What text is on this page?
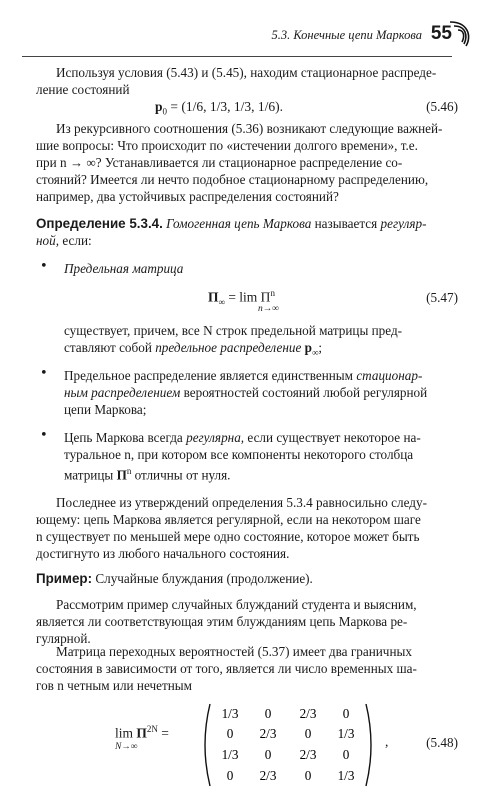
5.3. Конечные цепи Маркова 55
Используя условия (5.43) и (5.45), находим стационарное распреде-
ление состояний
$p_0 = (1/6$, 1/3, 1/3, 1/6).	(5.46)
Из рекурсивного соотношения (5.36) возникают следующие важней-
шие вопросы: Что происходит по «истечении долгого времени», т.е.
при n → ∞? Устанавливается ли стационарное распределение со-
стояний? Имеется ли нечто подобное стационарному распределению,
например, два устойчивых распределения состояний?
Определение 5.3.4. Гомогенная цепь Маркова называется регуляр-
ной, если:
• Предельная матрица
$\Pi_\infty = \lim \Pi^n$
n→∞
(5.47)
существует, причем, все N строк предельной матрицы пред-
ставляют собой предельное распределение $p_\infty$;
• Предельное распределение является единственным стационар-
ным распределением вероятностей состояний любой регулярной
цепи Маркова;
• Цепь Маркова всегда регулярна, если существует некоторое на-
туральное n, при котором все компоненты некоторого столбца
матрицы $\Pi^n$ отличны от нуля.
Последнее из утверждений определения 5.3.4 равносильно следу-
ющему: цепь Маркова является регулярной, если на некотором шаге
n существует по меньшей мере одно состояние, которое может быть
достигнуто из любого начального состояния.
Пример: Случайные блуждания (продолжение).
Рассмотрим пример случайных блужданий студента и выясним,
является ли соответствующая этим блужданиям цепь Маркова ре-
гулярной.
Матрица переходных вероятностей (5.37) имеет два граничных
состояния в зависимости от того, является ли число временных ша-
гов n четным или нечетным
$\lim \Pi^{2N}$ =
N→∞
1/3 0 2/3 0
0 2/3 0 1/3
1/3 0 2/3 0
0 2/3 0 1/3
,	(5.48)
